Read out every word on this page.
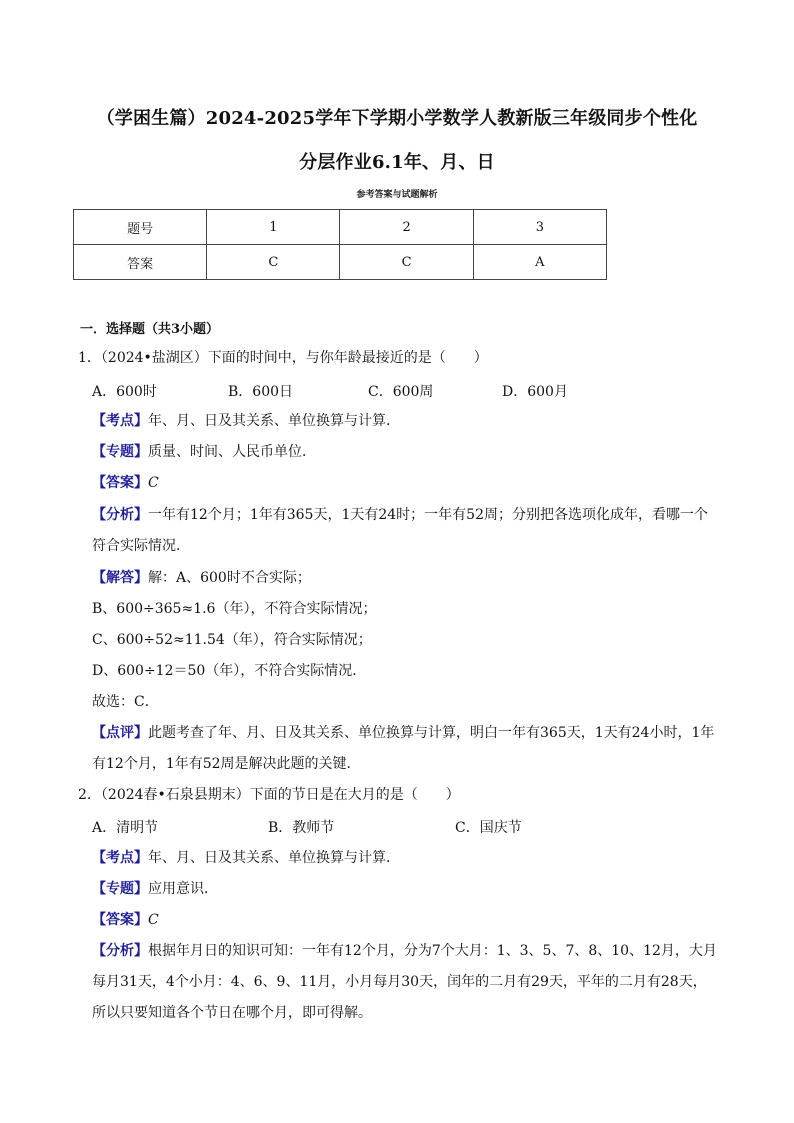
（学困生篇）2024-2025学年下学期小学数学人教新版三年级同步个性化
分层作业6.1年、月、日
参考答案与试题解析
题号	1	2	3
答案	C	C	A
一．选择题（共3小题）
1．（2024•盐湖区）下面的时间中，与你年龄最接近的是（　　）
A．600时	B．600日	C．600周	D．600月
【考点】年、月、日及其关系、单位换算与计算．
【专题】质量、时间、人民币单位．
【答案】C
【分析】一年有12个月；1年有365天，1天有24时；一年有52周；分别把各选项化成年，看哪一个
符合实际情况．
【解答】解：A、600时不合实际；
B、600÷365≈1.6（年），不符合实际情况；
C、600÷52≈11.54（年），符合实际情况；
D、600÷12＝50（年），不符合实际情况．
故选：C．
【点评】此题考查了年、月、日及其关系、单位换算与计算，明白一年有365天，1天有24小时，1年
有12个月，1年有52周是解决此题的关键．
2．（2024春•石泉县期末）下面的节日是在大月的是（　　）
A．清明节	B．教师节	C．国庆节
【考点】年、月、日及其关系、单位换算与计算．
【专题】应用意识．
【答案】C
【分析】根据年月日的知识可知：一年有12个月，分为7个大月：1、3、5、7、8、10、12月，大月
每月31天，4个小月：4、6、9、11月，小月每月30天，闰年的二月有29天，平年的二月有28天，
所以只要知道各个节日在哪个月，即可得解。
